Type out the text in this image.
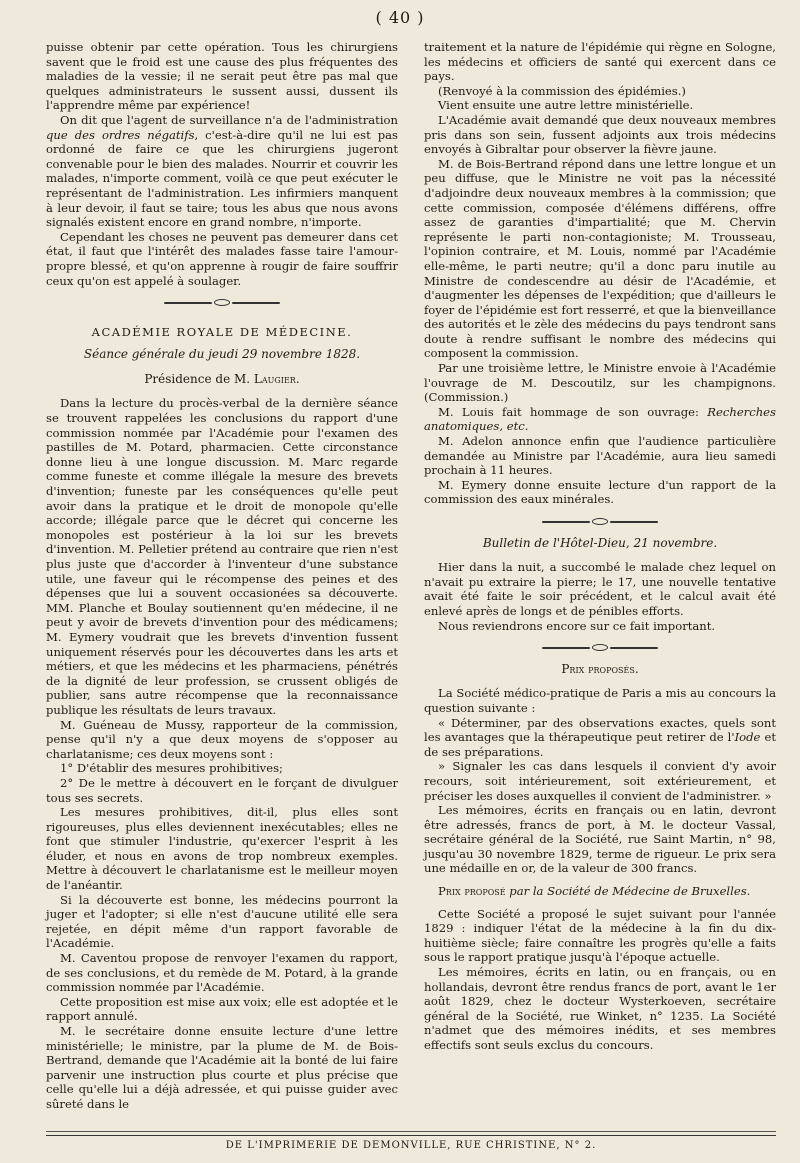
( 40 )

puisse obtenir par cette opération. Tous les chirurgiens savent que le froid est une cause des plus fréquentes des maladies de la vessie; il ne serait peut être pas mal que quelques administrateurs le sussent aussi, dussent ils l'apprendre même par expérience!

On dit que l'agent de surveillance n'a de l'administration que des ordres négatifs, c'est-à-dire qu'il ne lui est pas ordonné de faire ce que les chirurgiens jugeront convenable pour le bien des malades. Nourrir et couvrir les malades, n'importe comment, voilà ce que peut exécuter le représentant de l'administration. Les infirmiers manquent à leur devoir, il faut se taire; tous les abus que nous avons signalés existent encore en grand nombre, n'importe.

Cependant les choses ne peuvent pas demeurer dans cet état, il faut que l'intérêt des malades fasse taire l'amour-propre blessé, et qu'on apprenne à rougir de faire souffrir ceux qu'on est appelé à soulager.

ACADÉMIE ROYALE DE MÉDECINE.
Séance générale du jeudi 29 novembre 1828.
Présidence de M. Laugier.

Dans la lecture du procès-verbal de la dernière séance se trouvent rappelées les conclusions du rapport d'une commission nommée par l'Académie pour l'examen des pastilles de M. Potard, pharmacien. Cette circonstance donne lieu à une longue discussion. M. Marc regarde comme funeste et comme illégale la mesure des brevets d'invention; funeste par les conséquences qu'elle peut avoir dans la pratique et le droit de monopole qu'elle accorde; illégale parce que le décret qui concerne les monopoles est postérieur à la loi sur les brevets d'invention. M. Pelletier prétend au contraire que rien n'est plus juste que d'accorder à l'inventeur d'une substance utile, une faveur qui le récompense des peines et des dépenses que lui a souvent occasionées sa découverte. MM. Planche et Boulay soutiennent qu'en médecine, il ne peut y avoir de brevets d'invention pour des médicamens; M. Eymery voudrait que les brevets d'invention fussent uniquement réservés pour les découvertes dans les arts et métiers, et que les médecins et les pharmaciens, pénétrés de la dignité de leur profession, se crussent obligés de publier, sans autre récompense que la reconnaissance publique les résultats de leurs travaux.

M. Guéneau de Mussy, rapporteur de la commission, pense qu'il n'y a que deux moyens de s'opposer au charlatanisme; ces deux moyens sont :

1° D'établir des mesures prohibitives;

2° De le mettre à découvert en le forçant de divulguer tous ses secrets.

Les mesures prohibitives, dit-il, plus elles sont rigoureuses, plus elles deviennent inexécutables; elles ne font que stimuler l'industrie, qu'exercer l'esprit à les éluder, et nous en avons de trop nombreux exemples. Mettre à découvert le charlatanisme est le meilleur moyen de l'anéantir.

Si la découverte est bonne, les médecins pourront la juger et l'adopter; si elle n'est d'aucune utilité elle sera rejetée, en dépit même d'un rapport favorable de l'Académie.

M. Caventou propose de renvoyer l'examen du rapport, de ses conclusions, et du remède de M. Potard, à la grande commission nommée par l'Académie.

Cette proposition est mise aux voix; elle est adoptée et le rapport annulé.

M. le secrétaire donne ensuite lecture d'une lettre ministérielle; le ministre, par la plume de M. de Bois-Bertrand, demande que l'Académie ait la bonté de lui faire parvenir une instruction plus courte et plus précise que celle qu'elle lui a déjà adressée, et qui puisse guider avec sûreté dans le

traitement et la nature de l'épidémie qui règne en Sologne, les médecins et officiers de santé qui exercent dans ce pays.

(Renvoyé à la commission des épidémies.)

Vient ensuite une autre lettre ministérielle.

L'Académie avait demandé que deux nouveaux membres pris dans son sein, fussent adjoints aux trois médecins envoyés à Gibraltar pour observer la fièvre jaune.

M. de Bois-Bertrand répond dans une lettre longue et un peu diffuse, que le Ministre ne voit pas la nécessité d'adjoindre deux nouveaux membres à la commission; que cette commission, composée d'élémens différens, offre assez de garanties d'impartialité; que M. Chervin représente le parti non-contagioniste; M. Trousseau, l'opinion contraire, et M. Louis, nommé par l'Académie elle-même, le parti neutre; qu'il a donc paru inutile au Ministre de condescendre au désir de l'Académie, et d'augmenter les dépenses de l'expédition; que d'ailleurs le foyer de l'épidémie est fort resserré, et que la bienveillance des autorités et le zèle des médecins du pays tendront sans doute à rendre suffisant le nombre des médecins qui composent la commission.

Par une troisième lettre, le Ministre envoie à l'Académie l'ouvrage de M. Descoutilz, sur les champignons. (Commission.)

M. Louis fait hommage de son ouvrage: Recherches anatomiques, etc.

M. Adelon annonce enfin que l'audience particulière demandée au Ministre par l'Académie, aura lieu samedi prochain à 11 heures.

M. Eymery donne ensuite lecture d'un rapport de la commission des eaux minérales.

Bulletin de l'Hôtel-Dieu, 21 novembre.

Hier dans la nuit, a succombé le malade chez lequel on n'avait pu extraire la pierre; le 17, une nouvelle tentative avait été faite le soir précédent, et le calcul avait été enlevé après de longs et de pénibles efforts.

Nous reviendrons encore sur ce fait important.

Prix proposés.

La Société médico-pratique de Paris a mis au concours la question suivante :

« Déterminer, par des observations exactes, quels sont les avantages que la thérapeutique peut retirer de l'Iode et de ses préparations.

» Signaler les cas dans lesquels il convient d'y avoir recours, soit intérieurement, soit extérieurement, et préciser les doses auxquelles il convient de l'administrer. »

Les mémoires, écrits en français ou en latin, devront être adressés, francs de port, à M. le docteur Vassal, secrétaire général de la Société, rue Saint Martin, n° 98, jusqu'au 30 novembre 1829, terme de rigueur. Le prix sera une médaille en or, de la valeur de 300 francs.

Prix proposé par la Société de Médecine de Bruxelles.

Cette Société a proposé le sujet suivant pour l'année 1829 : indiquer l'état de la médecine à la fin du dix-huitième siècle; faire connaître les progrès qu'elle a faits sous le rapport pratique jusqu'à l'époque actuelle.

Les mémoires, écrits en latin, ou en français, ou en hollandais, devront être rendus francs de port, avant le 1er août 1829, chez le docteur Wysterkoeven, secrétaire général de la Société, rue Winket, n° 1235. La Société n'admet que des mémoires inédits, et ses membres effectifs sont seuls exclus du concours.

DE L'IMPRIMERIE DE DEMONVILLE, RUE CHRISTINE, N° 2.
